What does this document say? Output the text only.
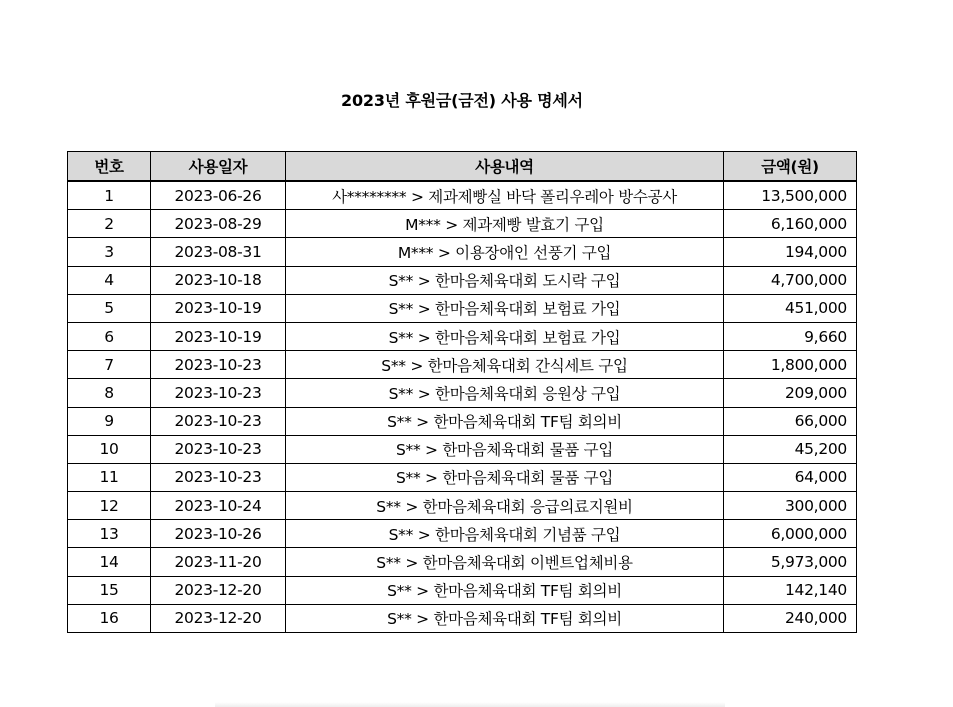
2023년 후원금(금전) 사용 명세서
번호	사용일자	사용내역	금액(원)
1	2023-06-26	사******** > 제과제빵실 바닥 폴리우레아 방수공사	13,500,000
2	2023-08-29	M*** > 제과제빵 발효기 구입	6,160,000
3	2023-08-31	M*** > 이용장애인 선풍기 구입	194,000
4	2023-10-18	S** > 한마음체육대회 도시락 구입	4,700,000
5	2023-10-19	S** > 한마음체육대회 보험료 가입	451,000
6	2023-10-19	S** > 한마음체육대회 보험료 가입	9,660
7	2023-10-23	S** > 한마음체육대회 간식세트 구입	1,800,000
8	2023-10-23	S** > 한마음체육대회 응원상 구입	209,000
9	2023-10-23	S** > 한마음체육대회 TF팀 회의비	66,000
10	2023-10-23	S** > 한마음체육대회 물품 구입	45,200
11	2023-10-23	S** > 한마음체육대회 물품 구입	64,000
12	2023-10-24	S** > 한마음체육대회 응급의료지원비	300,000
13	2023-10-26	S** > 한마음체육대회 기념품 구입	6,000,000
14	2023-11-20	S** > 한마음체육대회 이벤트업체비용	5,973,000
15	2023-12-20	S** > 한마음체육대회 TF팀 회의비	142,140
16	2023-12-20	S** > 한마음체육대회 TF팀 회의비	240,000
